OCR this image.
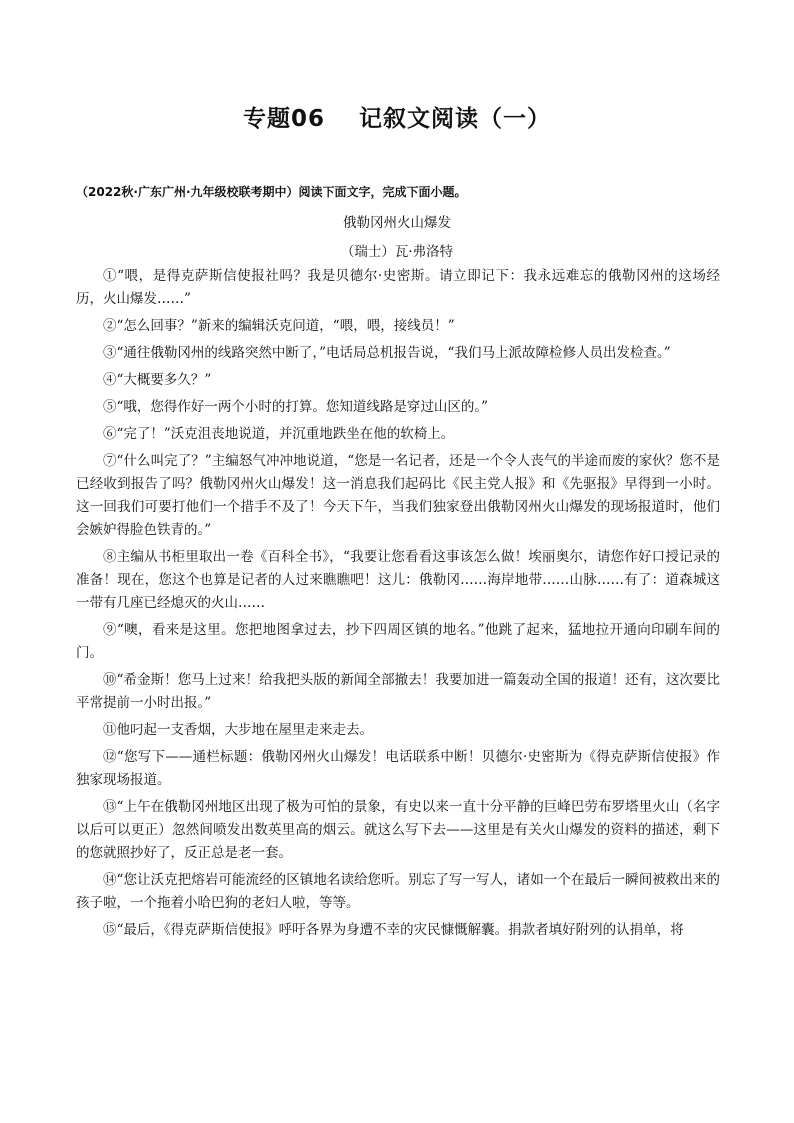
专题06 记叙文阅读（一）
（2022秋·广东广州·九年级校联考期中）阅读下面文字，完成下面小题。
俄勒冈州火山爆发
（瑞士）瓦·弗洛特

①“喂，是得克萨斯信使报社吗？我是贝德尔·史密斯。请立即记下：我永远难忘的俄勒冈州的这场经历，火山爆发……”

②“怎么回事？”新来的编辑沃克问道，“喂，喂，接线员！”

③“通往俄勒冈州的线路突然中断了，”电话局总机报告说，“我们马上派故障检修人员出发检查。”

④“大概要多久？”

⑤“哦，您得作好一两个小时的打算。您知道线路是穿过山区的。”

⑥“完了！”沃克沮丧地说道，并沉重地跌坐在他的软椅上。

⑦“什么叫完了？”主编怒气冲冲地说道，“您是一名记者，还是一个令人丧气的半途而废的家伙？您不是已经收到报告了吗？俄勒冈州火山爆发！这一消息我们起码比《民主党人报》和《先驱报》早得到一小时。这一回我们可要打他们一个措手不及了！今天下午，当我们独家登出俄勒冈州火山爆发的现场报道时，他们会嫉妒得脸色铁青的。”

⑧主编从书柜里取出一卷《百科全书》，“我要让您看看这事该怎么做！埃丽奥尔，请您作好口授记录的准备！现在，您这个也算是记者的人过来瞧瞧吧！这儿：俄勒冈……海岸地带……山脉……有了：道森城这一带有几座已经熄灭的火山……

⑨“噢，看来是这里。您把地图拿过去，抄下四周区镇的地名。”他跳了起来，猛地拉开通向印刷车间的门。

⑩“希金斯！您马上过来！给我把头版的新闻全部撤去！我要加进一篇轰动全国的报道！还有，这次要比平常提前一小时出报。”

⑪他叼起一支香烟，大步地在屋里走来走去。

⑫“您写下——通栏标题：俄勒冈州火山爆发！电话联系中断！贝德尔·史密斯为《得克萨斯信使报》作独家现场报道。

⑬“上午在俄勒冈州地区出现了极为可怕的景象，有史以来一直十分平静的巨峰巴劳布罗塔里火山（名字以后可以更正）忽然间喷发出数英里高的烟云。就这么写下去——这里是有关火山爆发的资料的描述，剩下的您就照抄好了，反正总是老一套。

⑭“您让沃克把熔岩可能流经的区镇地名读给您听。别忘了写一写人，诸如一个在最后一瞬间被救出来的孩子啦，一个拖着小哈巴狗的老妇人啦，等等。

⑮“最后，《得克萨斯信使报》呼吁各界为身遭不幸的灾民慷慨解囊。捐款者填好附列的认捐单，将
